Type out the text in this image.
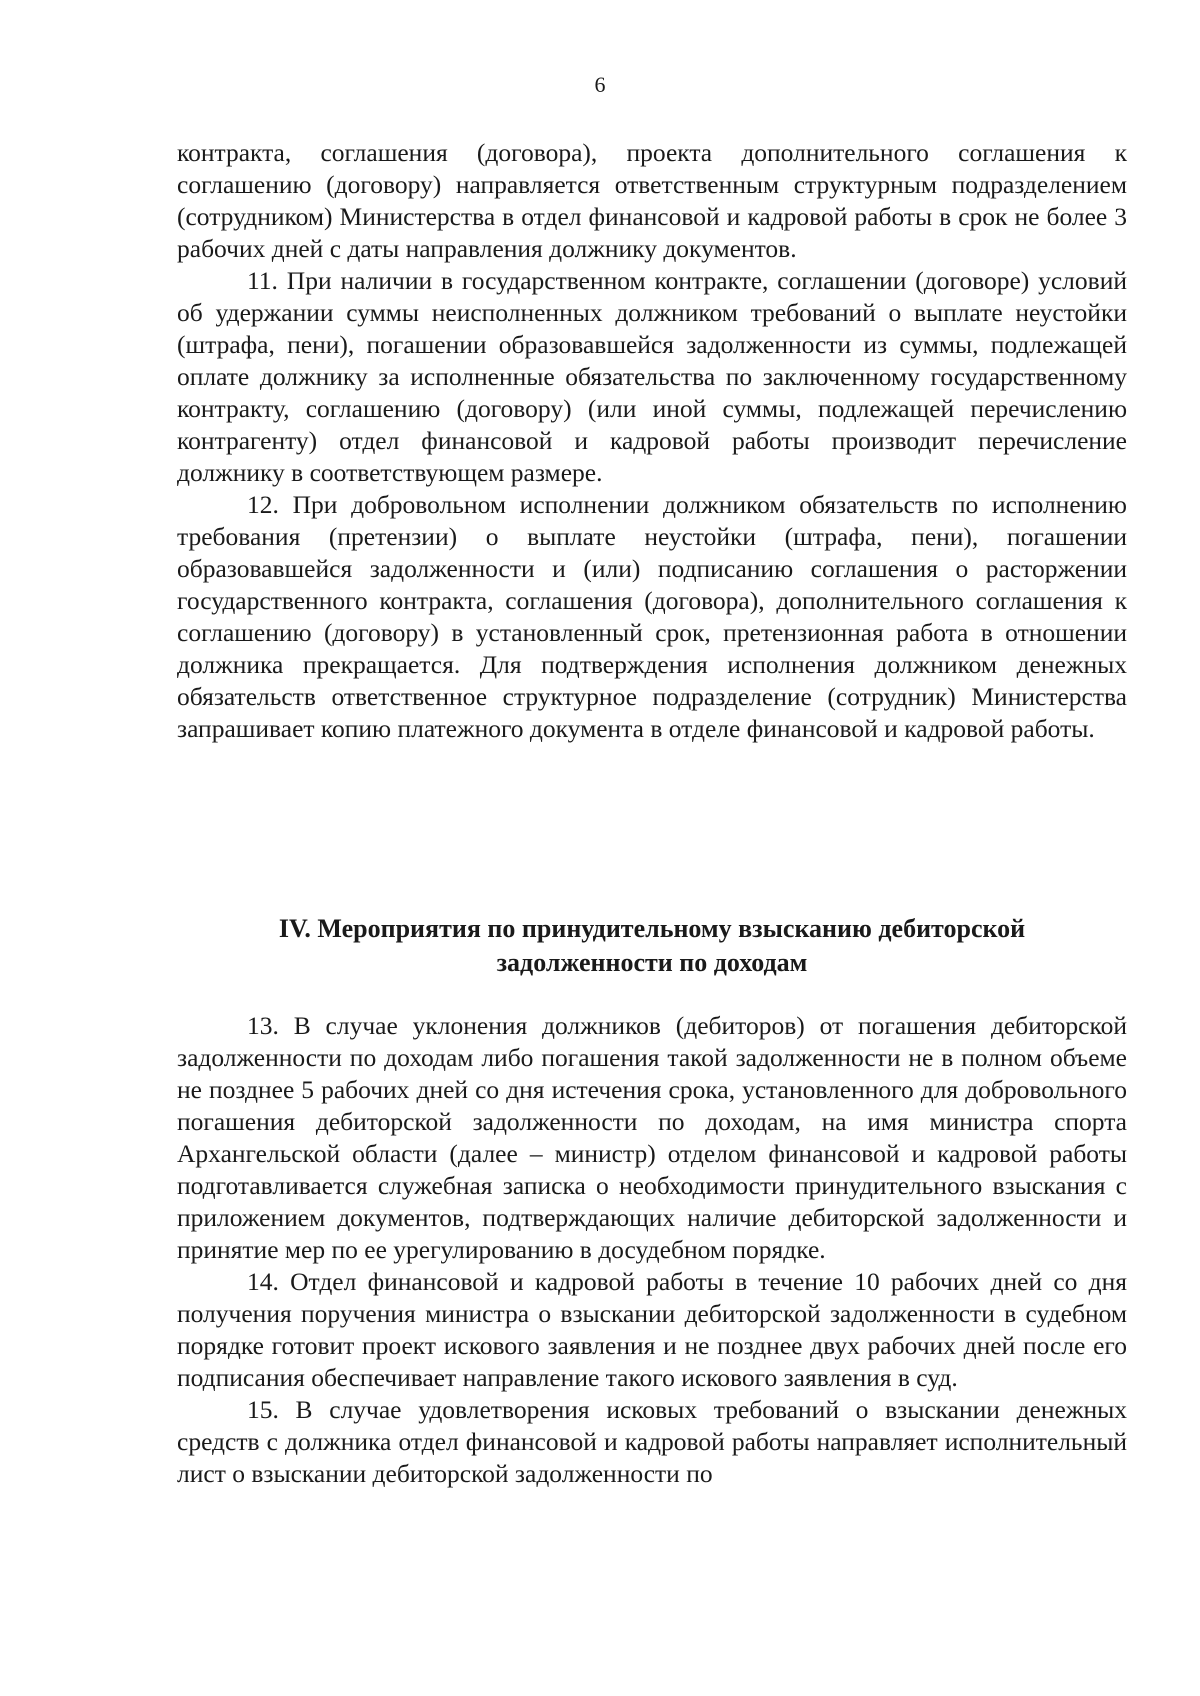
6

контракта, соглашения (договора), проекта дополнительного соглашения к соглашению (договору) направляется ответственным структурным подразделением (сотрудником) Министерства в отдел финансовой и кадровой работы в срок не более 3 рабочих дней с даты направления должнику документов.

11. При наличии в государственном контракте, соглашении (договоре) условий об удержании суммы неисполненных должником требований о выплате неустойки (штрафа, пени), погашении образовавшейся задолженности из суммы, подлежащей оплате должнику за исполненные обязательства по заключенному государственному контракту, соглашению (договору) (или иной суммы, подлежащей перечислению контрагенту) отдел финансовой и кадровой работы производит перечисление должнику в соответствующем размере.

12. При добровольном исполнении должником обязательств по исполнению требования (претензии) о выплате неустойки (штрафа, пени), погашении образовавшейся задолженности и (или) подписанию соглашения о расторжении государственного контракта, соглашения (договора), дополнительного соглашения к соглашению (договору) в установленный срок, претензионная работа в отношении должника прекращается. Для подтверждения исполнения должником денежных обязательств ответственное структурное подразделение (сотрудник) Министерства запрашивает копию платежного документа в отделе финансовой и кадровой работы.

IV. Мероприятия по принудительному взысканию дебиторской
задолженности по доходам

13. В случае уклонения должников (дебиторов) от погашения дебиторской задолженности по доходам либо погашения такой задолженности не в полном объеме не позднее 5 рабочих дней со дня истечения срока, установленного для добровольного погашения дебиторской задолженности по доходам, на имя министра спорта Архангельской области (далее – министр) отделом финансовой и кадровой работы подготавливается служебная записка о необходимости принудительного взыскания с приложением документов, подтверждающих наличие дебиторской задолженности и принятие мер по ее урегулированию в досудебном порядке.

14. Отдел финансовой и кадровой работы в течение 10 рабочих дней со дня получения поручения министра о взыскании дебиторской задолженности в судебном порядке готовит проект искового заявления и не позднее двух рабочих дней после его подписания обеспечивает направление такого искового заявления в суд.

15. В случае удовлетворения исковых требований о взыскании денежных средств с должника отдел финансовой и кадровой работы направляет исполнительный лист о взыскании дебиторской задолженности по
